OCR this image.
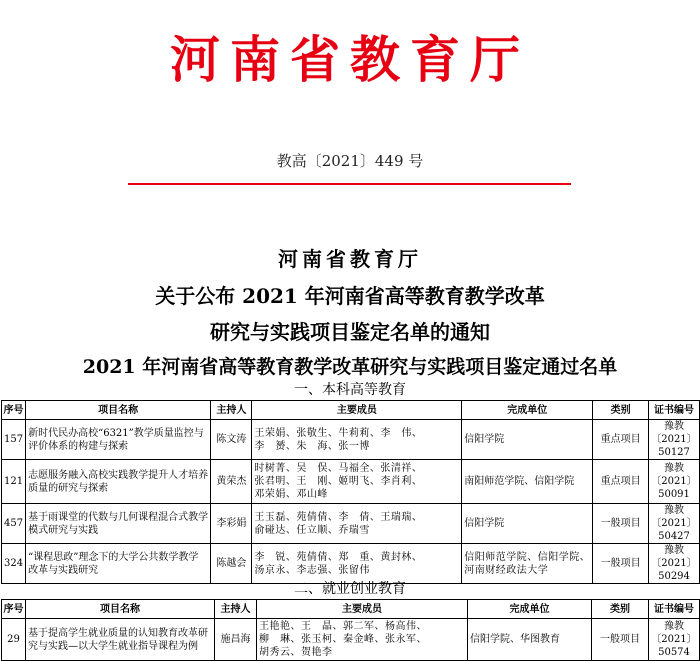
河南省教育厅
教高〔2021〕449 号
河南省教育厅
关于公布 2021 年河南省高等教育教学改革
研究与实践项目鉴定名单的通知
2021 年河南省高等教育教学改革研究与实践项目鉴定通过名单
一、本科高等教育
序号	项目名称	主持人	主要成员	完成单位	类别	证书编号
157	新时代民办高校“6321”教学质量监控与评价体系的构建与探索	陈文涛	王荣娟、张敬生、牛莉莉、李　伟、
李　赟、朱　海、张一博	信阳学院	重点项目	豫教〔2021〕50127
121	志愿服务融入高校实践教学提升人才培养质量的研究与探索	黄荣杰	时树菁、吴　俣、马福全、张清祥、
张君明、王　刚、姬明飞、李肖利、
邓荣娟、邓山峰	南阳师范学院、信阳学院	重点项目	豫教〔2021〕50091
457	基于雨课堂的代数与几何课程混合式教学模式研究与实践	李彩娟	王玉磊、苑倩倩、李　倩、王瑞瑞、
俞碰达、任立顺、乔瑞雪	信阳学院	一般项目	豫教〔2021〕50427
324	“课程思政”理念下的大学公共数学教学改革与实践研究	陈越会	李　锐、苑倩倩、郑　重、黄封林、
汤京永、李志强、张留伟	信阳师范学院、信阳学院、
河南财经政法大学	一般项目	豫教〔2021〕50294
二、就业创业教育
序号	项目名称	主持人	主要成员	完成单位	类别	证书编号
29	基于提高学生就业质量的认知教育改革研究与实践—以大学生就业指导课程为例	施昌海	王艳艳、王　晶、郭二军、杨高伟、
柳　琳、张玉柯、秦金峰、张永军、
胡秀云、贺艳李	信阳学院、华图教育	一般项目	豫教〔2021〕50574
